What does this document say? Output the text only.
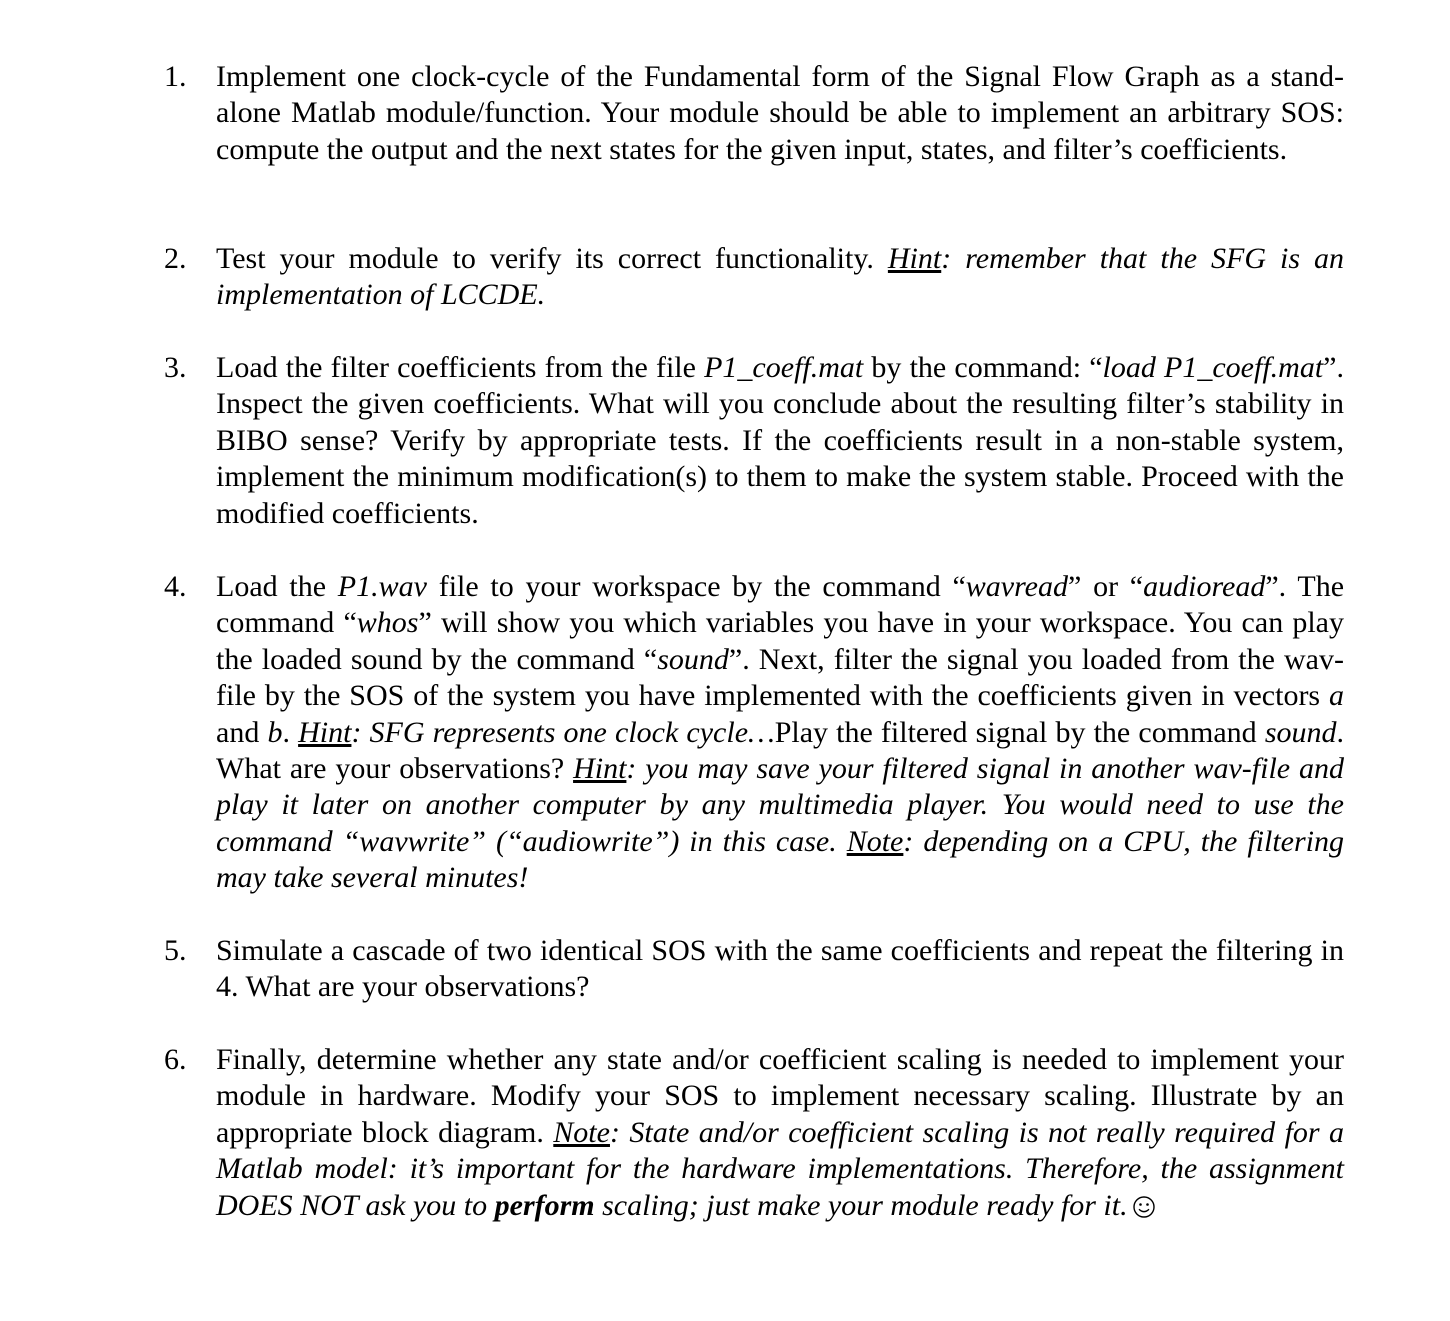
1. Implement one clock-cycle of the Fundamental form of the Signal Flow Graph as a stand-alone Matlab module/function. Your module should be able to implement an arbitrary SOS: compute the output and the next states for the given input, states, and filter’s coefficients.
2. Test your module to verify its correct functionality. Hint: remember that the SFG is an implementation of LCCDE.
3. Load the filter coefficients from the file P1_coeff.mat by the command: “load P1_coeff.mat”. Inspect the given coefficients. What will you conclude about the resulting filter’s stability in BIBO sense? Verify by appropriate tests. If the coefficients result in a non-stable system, implement the minimum modification(s) to them to make the system stable. Proceed with the modified coefficients.
4. Load the P1.wav file to your workspace by the command “wavread” or “audioread”. The command “whos” will show you which variables you have in your workspace. You can play the loaded sound by the command “sound”. Next, filter the signal you loaded from the wav-file by the SOS of the system you have implemented with the coefficients given in vectors a and b. Hint: SFG represents one clock cycle…Play the filtered signal by the command sound. What are your observations? Hint: you may save your filtered signal in another wav-file and play it later on another computer by any multimedia player. You would need to use the command “wavwrite” (“audiowrite”) in this case. Note: depending on a CPU, the filtering may take several minutes!
5. Simulate a cascade of two identical SOS with the same coefficients and repeat the filtering in 4. What are your observations?
6. Finally, determine whether any state and/or coefficient scaling is needed to implement your module in hardware. Modify your SOS to implement necessary scaling. Illustrate by an appropriate block diagram. Note: State and/or coefficient scaling is not really required for a Matlab model: it’s important for the hardware implementations. Therefore, the assignment DOES NOT ask you to perform scaling; just make your module ready for it.
